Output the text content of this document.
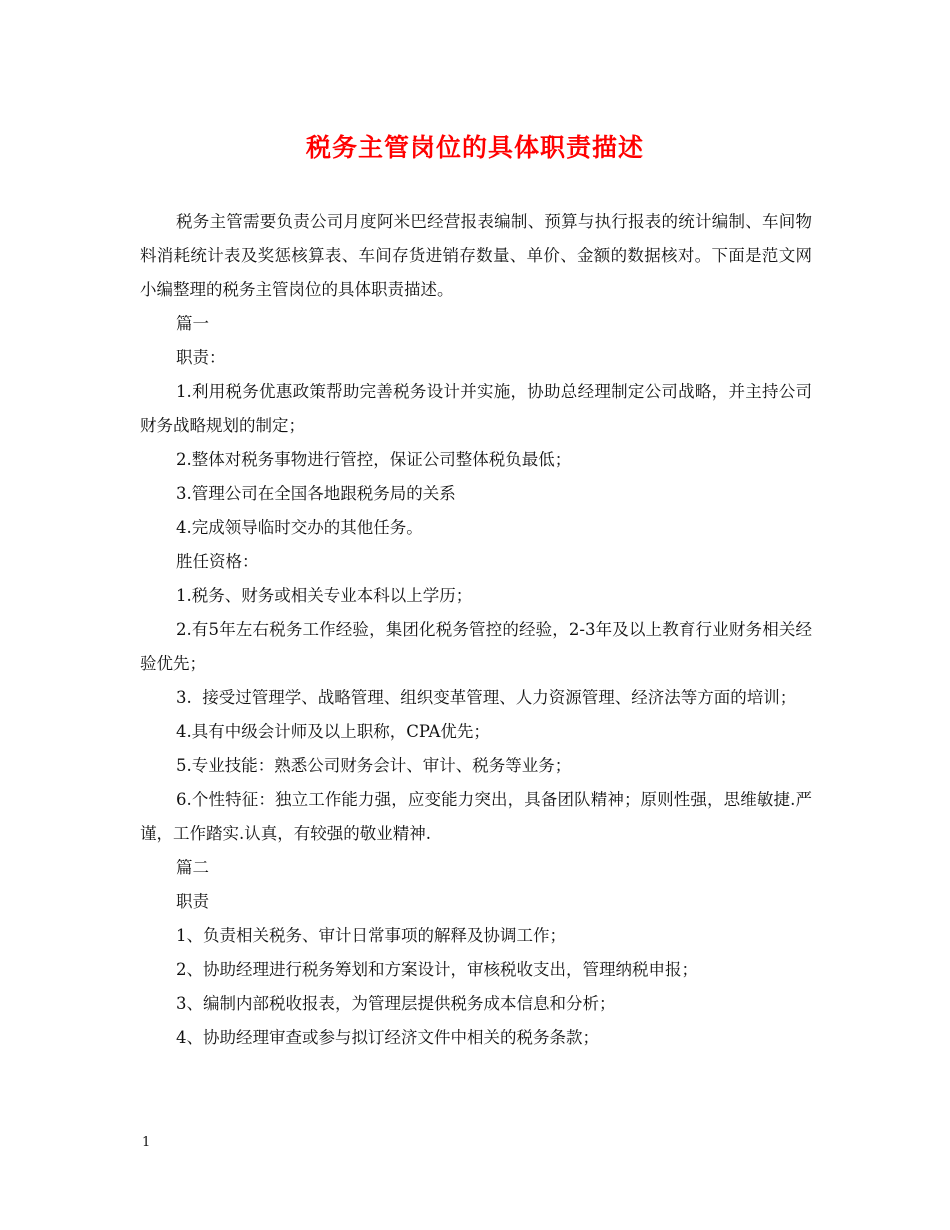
税务主管岗位的具体职责描述

税务主管需要负责公司月度阿米巴经营报表编制、预算与执行报表的统计编制、车间物料消耗统计表及奖惩核算表、车间存货进销存数量、单价、金额的数据核对。下面是范文网小编整理的税务主管岗位的具体职责描述。

篇一

职责：

1.利用税务优惠政策帮助完善税务设计并实施，协助总经理制定公司战略，并主持公司财务战略规划的制定；

2.整体对税务事物进行管控，保证公司整体税负最低；

3.管理公司在全国各地跟税务局的关系

4.完成领导临时交办的其他任务。

胜任资格：

1.税务、财务或相关专业本科以上学历；

2.有5年左右税务工作经验，集团化税务管控的经验，2-3年及以上教育行业财务相关经验优先；

3.  接受过管理学、战略管理、组织变革管理、人力资源管理、经济法等方面的培训；

4.具有中级会计师及以上职称，CPA优先；

5.专业技能：熟悉公司财务会计、审计、税务等业务；

6.个性特征：独立工作能力强，应变能力突出，具备团队精神；原则性强，思维敏捷.严谨，工作踏实.认真，有较强的敬业精神.

篇二

职责

1、负责相关税务、审计日常事项的解释及协调工作；

2、协助经理进行税务筹划和方案设计，审核税收支出，管理纳税申报；

3、编制内部税收报表，为管理层提供税务成本信息和分析；

4、协助经理审查或参与拟订经济文件中相关的税务条款；

1
